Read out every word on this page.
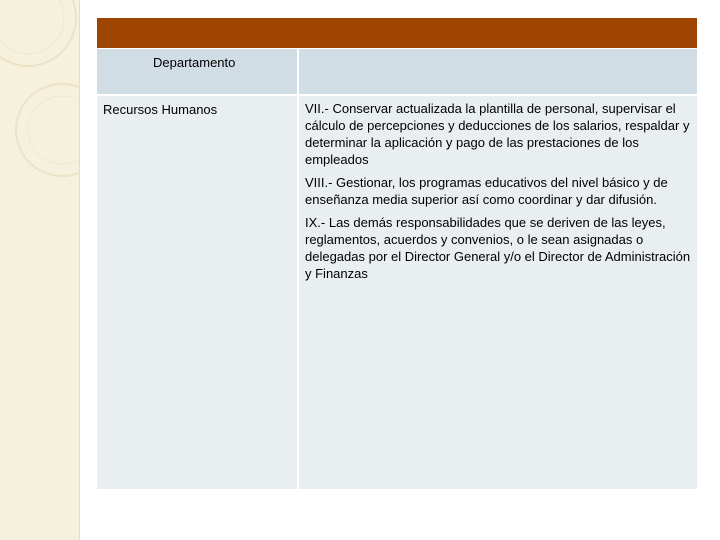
Departamento
Recursos Humanos	VII.- Conservar actualizada la plantilla de personal, supervisar el cálculo de percepciones y deducciones de los salarios, respaldar y determinar la aplicación y pago de las prestaciones de los empleados

VIII.- Gestionar, los programas educativos del nivel básico y de enseñanza media superior así como coordinar y dar difusión.

IX.- Las demás responsabilidades que se deriven de las leyes, reglamentos, acuerdos y convenios, o le sean asignadas o delegadas por el Director General y/o el Director de Administración y Finanzas
